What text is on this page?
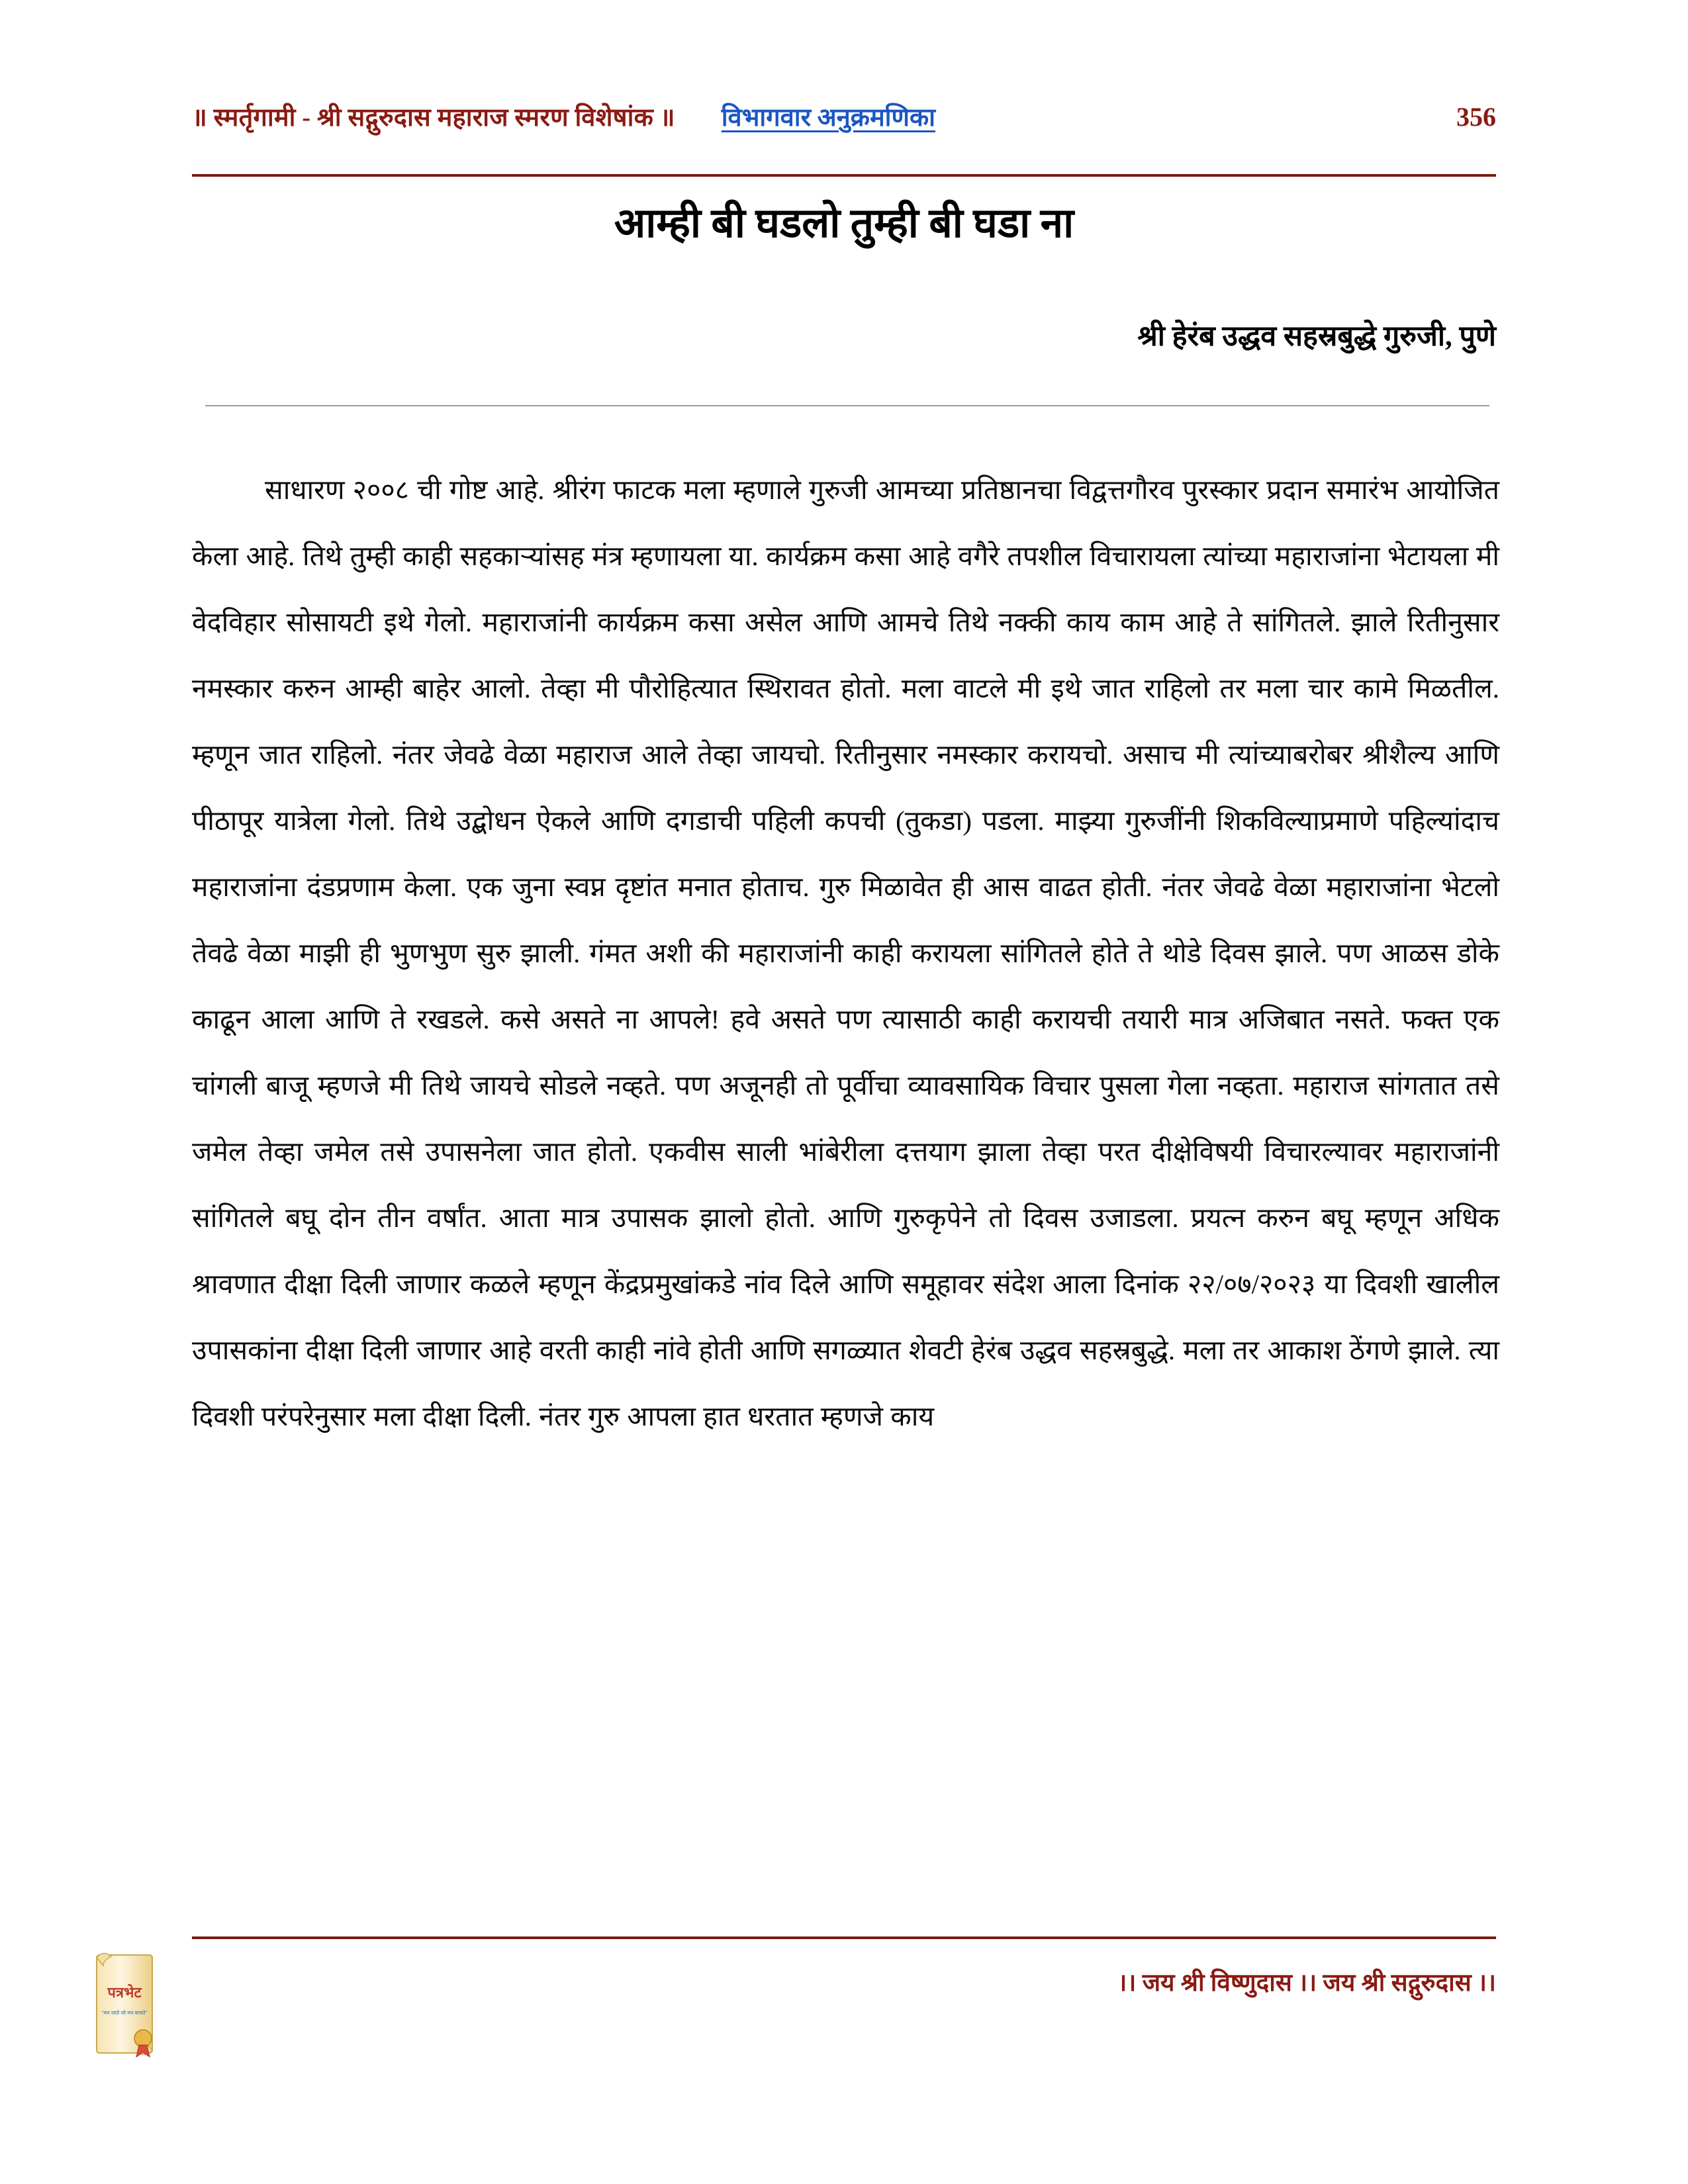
॥ स्मर्तृगामी - श्री सद्गुरुदास महाराज स्मरण विशेषांक ॥	विभागवार अनुक्रमणिका	356
आम्ही बी घडलो तुम्ही बी घडा ना
श्री हेरंब उद्धव सहस्रबुद्धे गुरुजी, पुणे

साधारण २००८ ची गोष्ट आहे. श्रीरंग फाटक मला म्हणाले गुरुजी आमच्या प्रतिष्ठानचा विद्वत्तगौरव पुरस्कार प्रदान समारंभ आयोजित केला आहे. तिथे तुम्ही काही सहकाऱ्यांसह मंत्र म्हणायला या. कार्यक्रम कसा आहे वगैरे तपशील विचारायला त्यांच्या महाराजांना भेटायला मी वेदविहार सोसायटी इथे गेलो. महाराजांनी कार्यक्रम कसा असेल आणि आमचे तिथे नक्की काय काम आहे ते सांगितले. झाले रितीनुसार नमस्कार करुन आम्ही बाहेर आलो. तेव्हा मी पौरोहित्यात स्थिरावत होतो. मला वाटले मी इथे जात राहिलो तर मला चार कामे मिळतील. म्हणून जात राहिलो. नंतर जेवढे वेळा महाराज आले तेव्हा जायचो. रितीनुसार नमस्कार करायचो. असाच मी त्यांच्याबरोबर श्रीशैल्य आणि पीठापूर यात्रेला गेलो. तिथे उद्बोधन ऐकले आणि दगडाची पहिली कपची (तुकडा) पडला. माझ्या गुरुजींनी शिकविल्याप्रमाणे पहिल्यांदाच महाराजांना दंडप्रणाम केला. एक जुना स्वप्न दृष्टांत मनात होताच. गुरु मिळावेत ही आस वाढत होती. नंतर जेवढे वेळा महाराजांना भेटलो तेवढे वेळा माझी ही भुणभुण सुरु झाली. गंमत अशी की महाराजांनी काही करायला सांगितले होते ते थोडे दिवस झाले. पण आळस डोके काढून आला आणि ते रखडले. कसे असते ना आपले! हवे असते पण त्यासाठी काही करायची तयारी मात्र अजिबात नसते. फक्त एक चांगली बाजू म्हणजे मी तिथे जायचे सोडले नव्हते. पण अजूनही तो पूर्वीचा व्यावसायिक विचार पुसला गेला नव्हता. महाराज सांगतात तसे जमेल तेव्हा जमेल तसे उपासनेला जात होतो. एकवीस साली भांबेरीला दत्तयाग झाला तेव्हा परत दीक्षेविषयी विचारल्यावर महाराजांनी सांगितले बघू दोन तीन वर्षांत. आता मात्र उपासक झालो होतो. आणि गुरुकृपेने तो दिवस उजाडला. प्रयत्न करुन बघू म्हणून अधिक श्रावणात दीक्षा दिली जाणार कळले म्हणून केंद्रप्रमुखांकडे नांव दिले आणि समूहावर संदेश आला दिनांक २२/०७/२०२३ या दिवशी खालील उपासकांना दीक्षा दिली जाणार आहे वरती काही नांवे होती आणि सगळ्यात शेवटी हेरंब उद्धव सहस्रबुद्धे. मला तर आकाश ठेंगणे झाले. त्या दिवशी परंपरेनुसार मला दीक्षा दिली. नंतर गुरु आपला हात धरतात म्हणजे काय

।। जय श्री विष्णुदास ।। जय श्री सद्गुरुदास ।।
पत्रभेट
"मन जाते जो मन वाचते"
